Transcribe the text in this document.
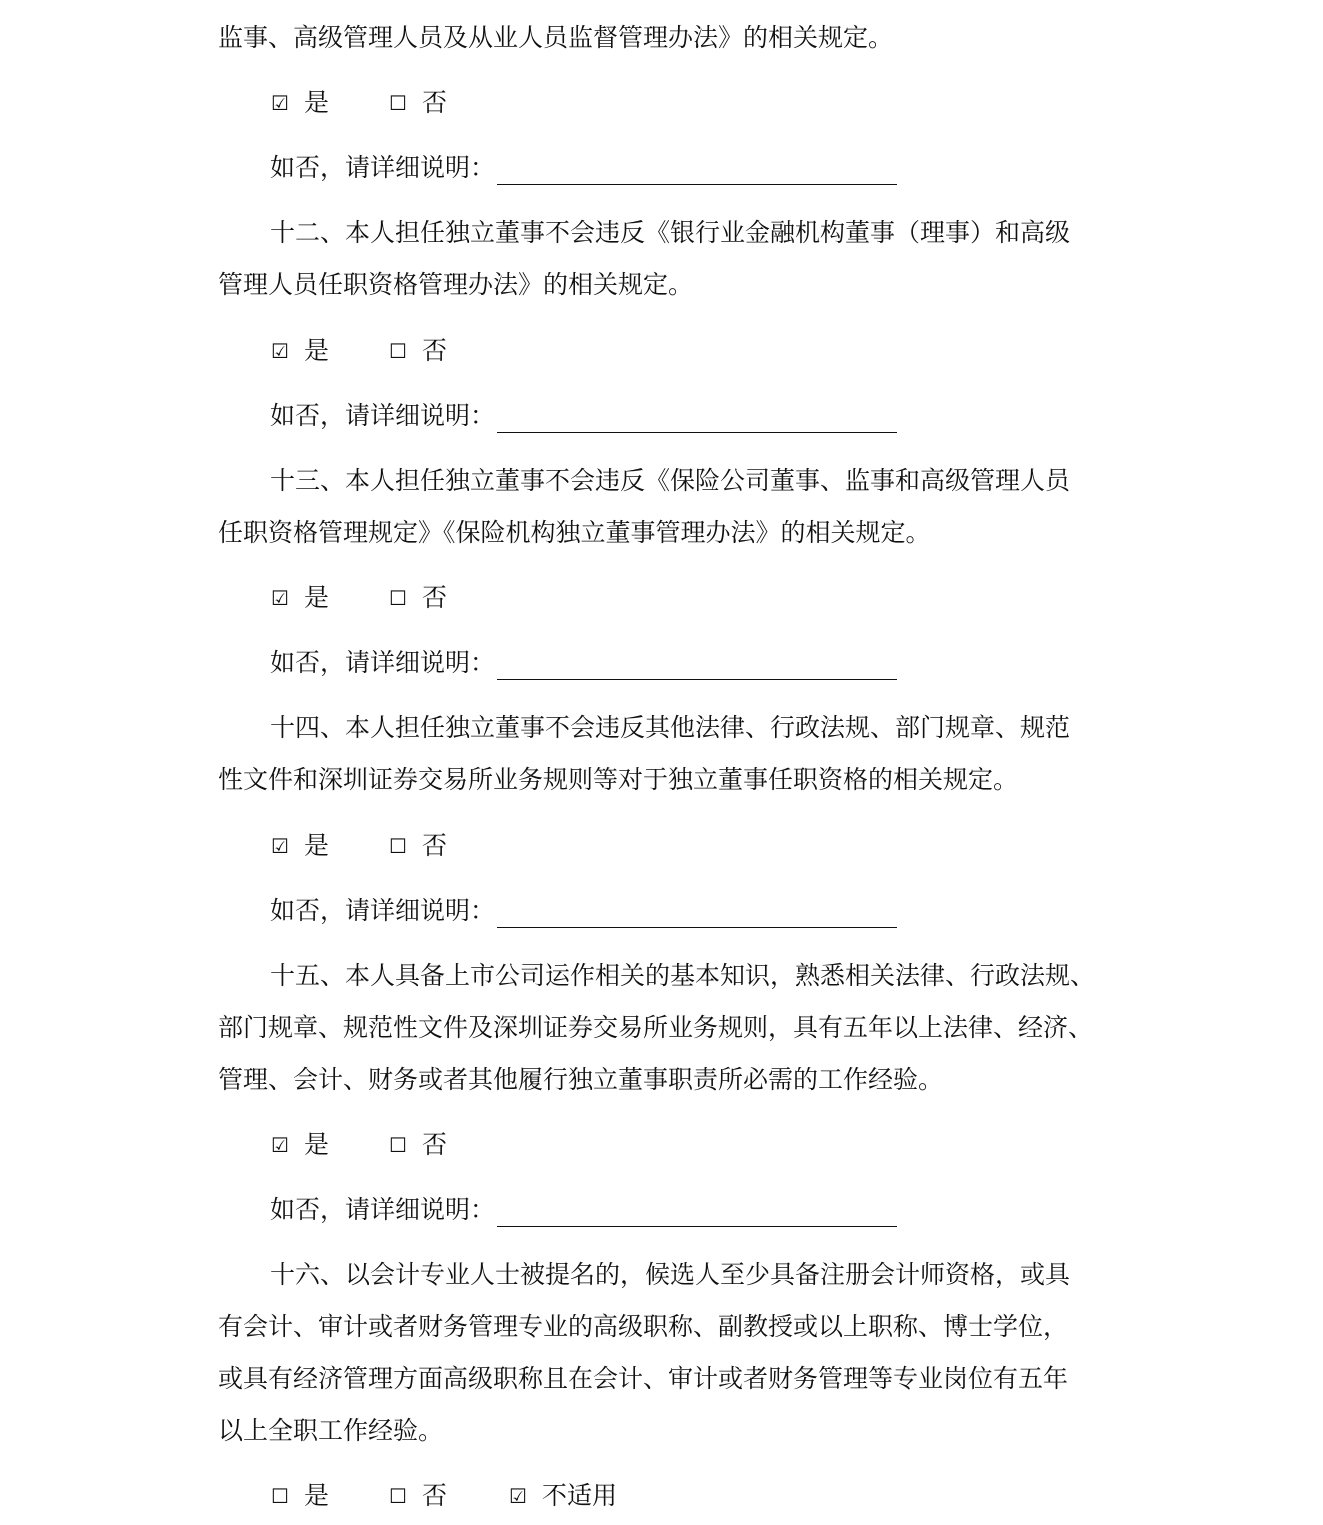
监事、高级管理人员及从业人员监督管理办法》的相关规定。
☑ 是	☐ 否
如否，请详细说明：
十二、本人担任独立董事不会违反《银行业金融机构董事（理事）和高级
管理人员任职资格管理办法》的相关规定。
☑ 是	☐ 否
如否，请详细说明：
十三、本人担任独立董事不会违反《保险公司董事、监事和高级管理人员
任职资格管理规定》《保险机构独立董事管理办法》的相关规定。
☑ 是	☐ 否
如否，请详细说明：
十四、本人担任独立董事不会违反其他法律、行政法规、部门规章、规范
性文件和深圳证券交易所业务规则等对于独立董事任职资格的相关规定。
☑ 是	☐ 否
如否，请详细说明：
十五、本人具备上市公司运作相关的基本知识，熟悉相关法律、行政法规、
部门规章、规范性文件及深圳证券交易所业务规则，具有五年以上法律、经济、
管理、会计、财务或者其他履行独立董事职责所必需的工作经验。
☑ 是	☐ 否
如否，请详细说明：
十六、以会计专业人士被提名的，候选人至少具备注册会计师资格，或具
有会计、审计或者财务管理专业的高级职称、副教授或以上职称、博士学位，
或具有经济管理方面高级职称且在会计、审计或者财务管理等专业岗位有五年
以上全职工作经验。
☐ 是	☐ 否	☑ 不适用
